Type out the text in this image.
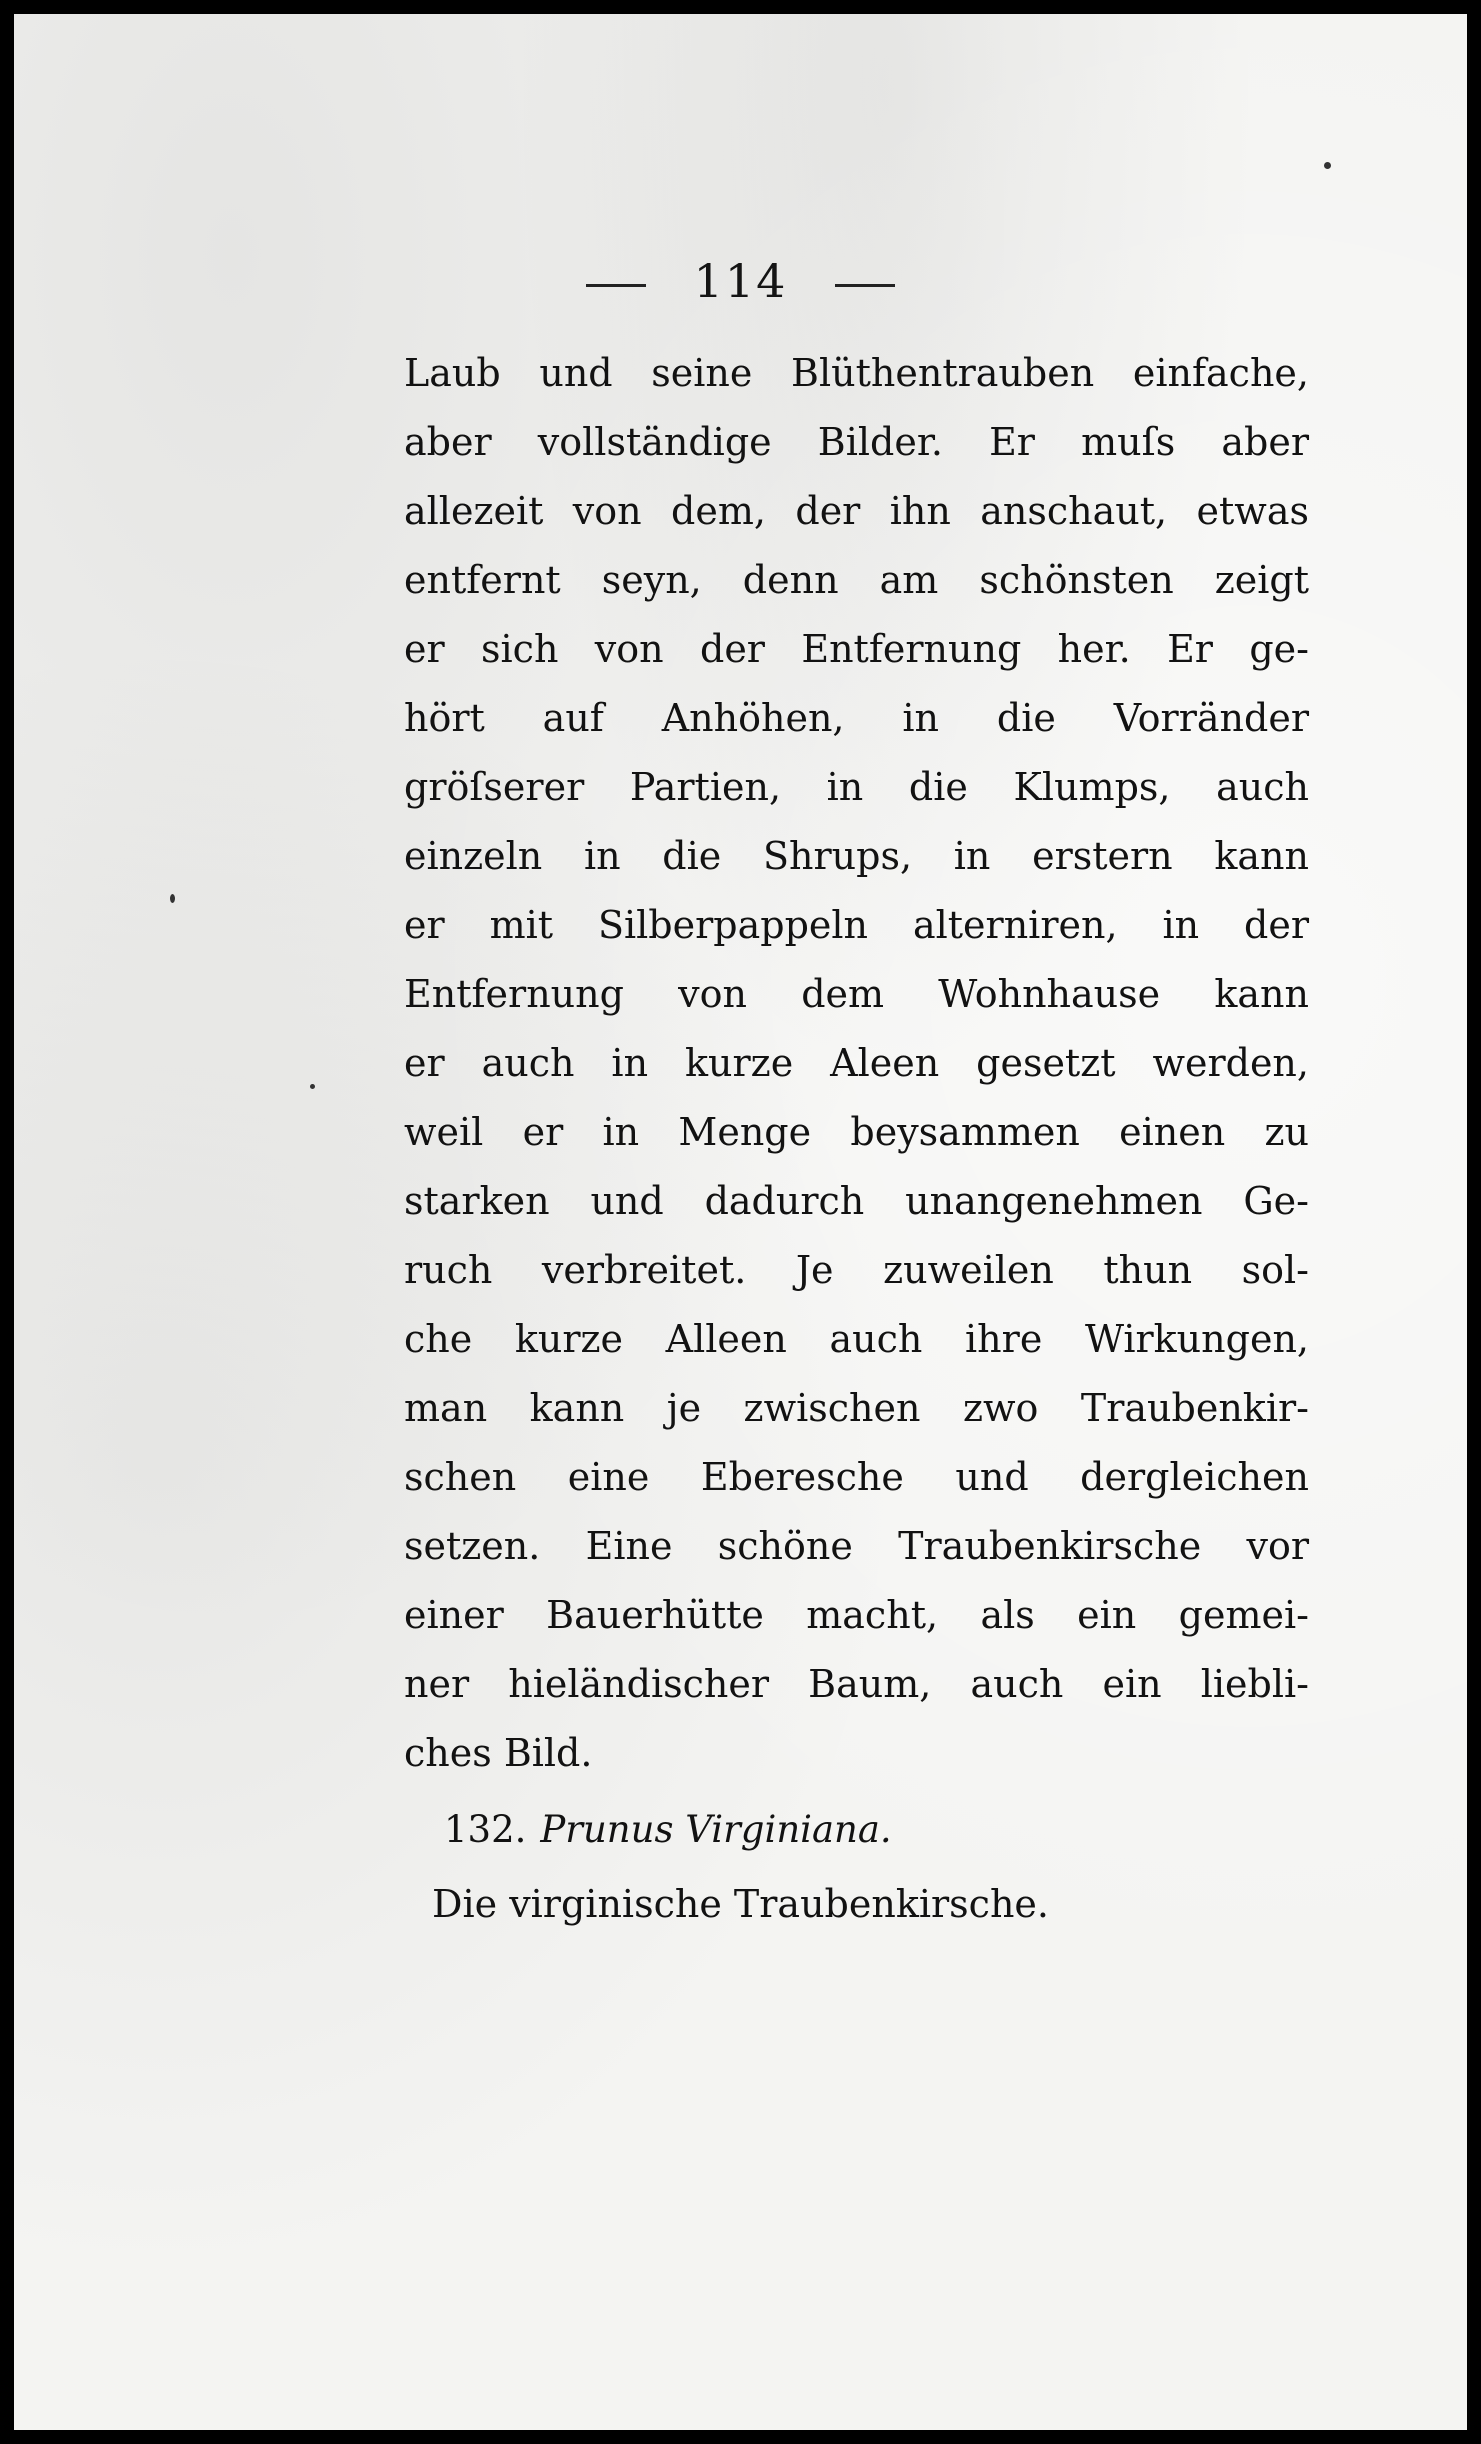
114
Laub und seine Blüthentrauben einfache,
aber vollständige Bilder. Er muſs aber
allezeit von dem, der ihn anschaut, etwas
entfernt seyn, denn am schönsten zeigt
er sich von der Entfernung her. Er ge-
hört auf Anhöhen, in die Vorränder
gröſserer Partien, in die Klumps, auch
einzeln in die Shrups, in erstern kann
er mit Silberpappeln alterniren, in der
Entfernung von dem Wohnhause kann
er auch in kurze Aleen gesetzt werden,
weil er in Menge beysammen einen zu
starken und dadurch unangenehmen Ge-
ruch verbreitet. Je zuweilen thun sol-
che kurze Alleen auch ihre Wirkungen,
man kann je zwischen zwo Traubenkir-
schen eine Eberesche und dergleichen
setzen. Eine schöne Traubenkirsche vor
einer Bauerhütte macht, als ein gemei-
ner hieländischer Baum, auch ein liebli-
ches Bild.
132. Prunus Virginiana.
Die virginische Traubenkirsche.
